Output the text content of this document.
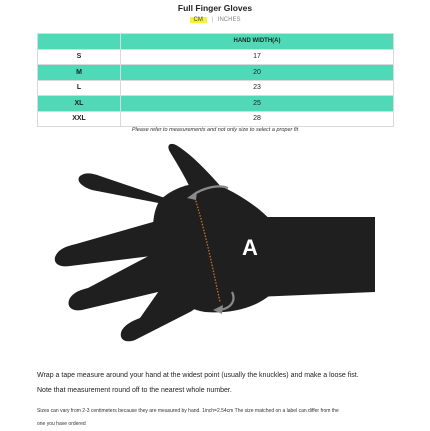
Full Finger Gloves
CM | INCHES
	HAND WIDTH(A)
S	17
M	20
L	23
XL	25
XXL	28
Please refer to measurements and not only size to select a proper fit
A
Wrap a tape measure around your hand at the widest point (usually the knuckles) and make a loose fist.
Note that measurement round off to the nearest whole number.
Sizes can vary from 2-3 centimeters because they are measured by hand. 1inch=2.54cm The size matched on a label can differ from the
one you have ordered
